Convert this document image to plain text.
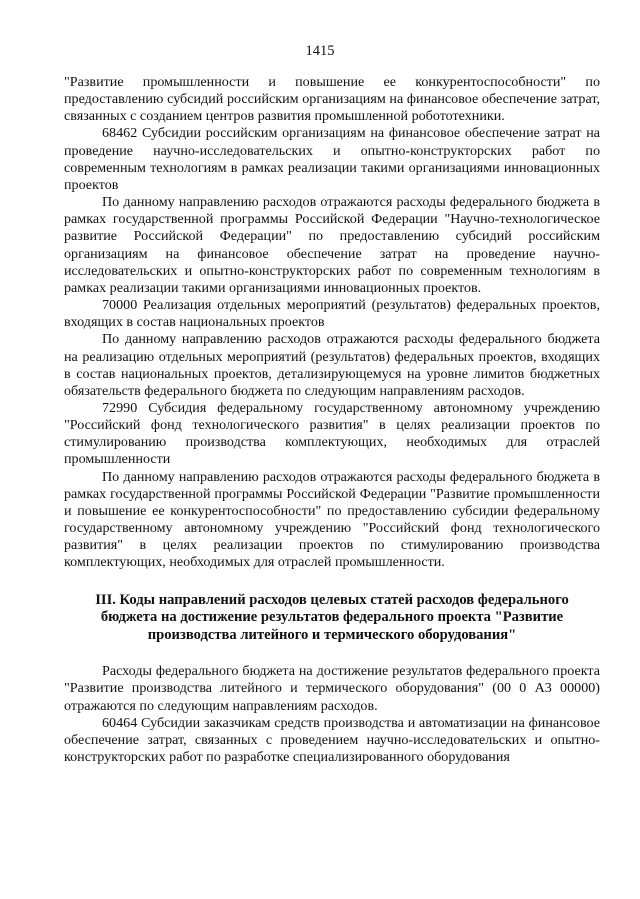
1415

"Развитие промышленности и повышение ее конкурентоспособности" по предоставлению субсидий российским организациям на финансовое обеспечение затрат, связанных с созданием центров развития промышленной робототехники.

68462 Субсидии российским организациям на финансовое обеспечение затрат на проведение научно-исследовательских и опытно-конструкторских работ по современным технологиям в рамках реализации такими организациями инновационных проектов

По данному направлению расходов отражаются расходы федерального бюджета в рамках государственной программы Российской Федерации "Научно-технологическое развитие Российской Федерации" по предоставлению субсидий российским организациям на финансовое обеспечение затрат на проведение научно-исследовательских и опытно-конструкторских работ по современным технологиям в рамках реализации такими организациями инновационных проектов.

70000 Реализация отдельных мероприятий (результатов) федеральных проектов, входящих в состав национальных проектов

По данному направлению расходов отражаются расходы федерального бюджета на реализацию отдельных мероприятий (результатов) федеральных проектов, входящих в состав национальных проектов, детализирующемуся на уровне лимитов бюджетных обязательств федерального бюджета по следующим направлениям расходов.

72990 Субсидия федеральному государственному автономному учреждению "Российский фонд технологического развития" в целях реализации проектов по стимулированию производства комплектующих, необходимых для отраслей промышленности

По данному направлению расходов отражаются расходы федерального бюджета в рамках государственной программы Российской Федерации "Развитие промышленности и повышение ее конкурентоспособности" по предоставлению субсидии федеральному государственному автономному учреждению "Российский фонд технологического развития" в целях реализации проектов по стимулированию производства комплектующих, необходимых для отраслей промышленности.

III. Коды направлений расходов целевых статей расходов федерального бюджета на достижение результатов федерального проекта "Развитие производства литейного и термического оборудования"

Расходы федерального бюджета на достижение результатов федерального проекта "Развитие производства литейного и термического оборудования" (00 0 А3 00000) отражаются по следующим направлениям расходов.

60464 Субсидии заказчикам средств производства и автоматизации на финансовое обеспечение затрат, связанных с проведением научно-исследовательских и опытно-конструкторских работ по разработке специализированного оборудования
